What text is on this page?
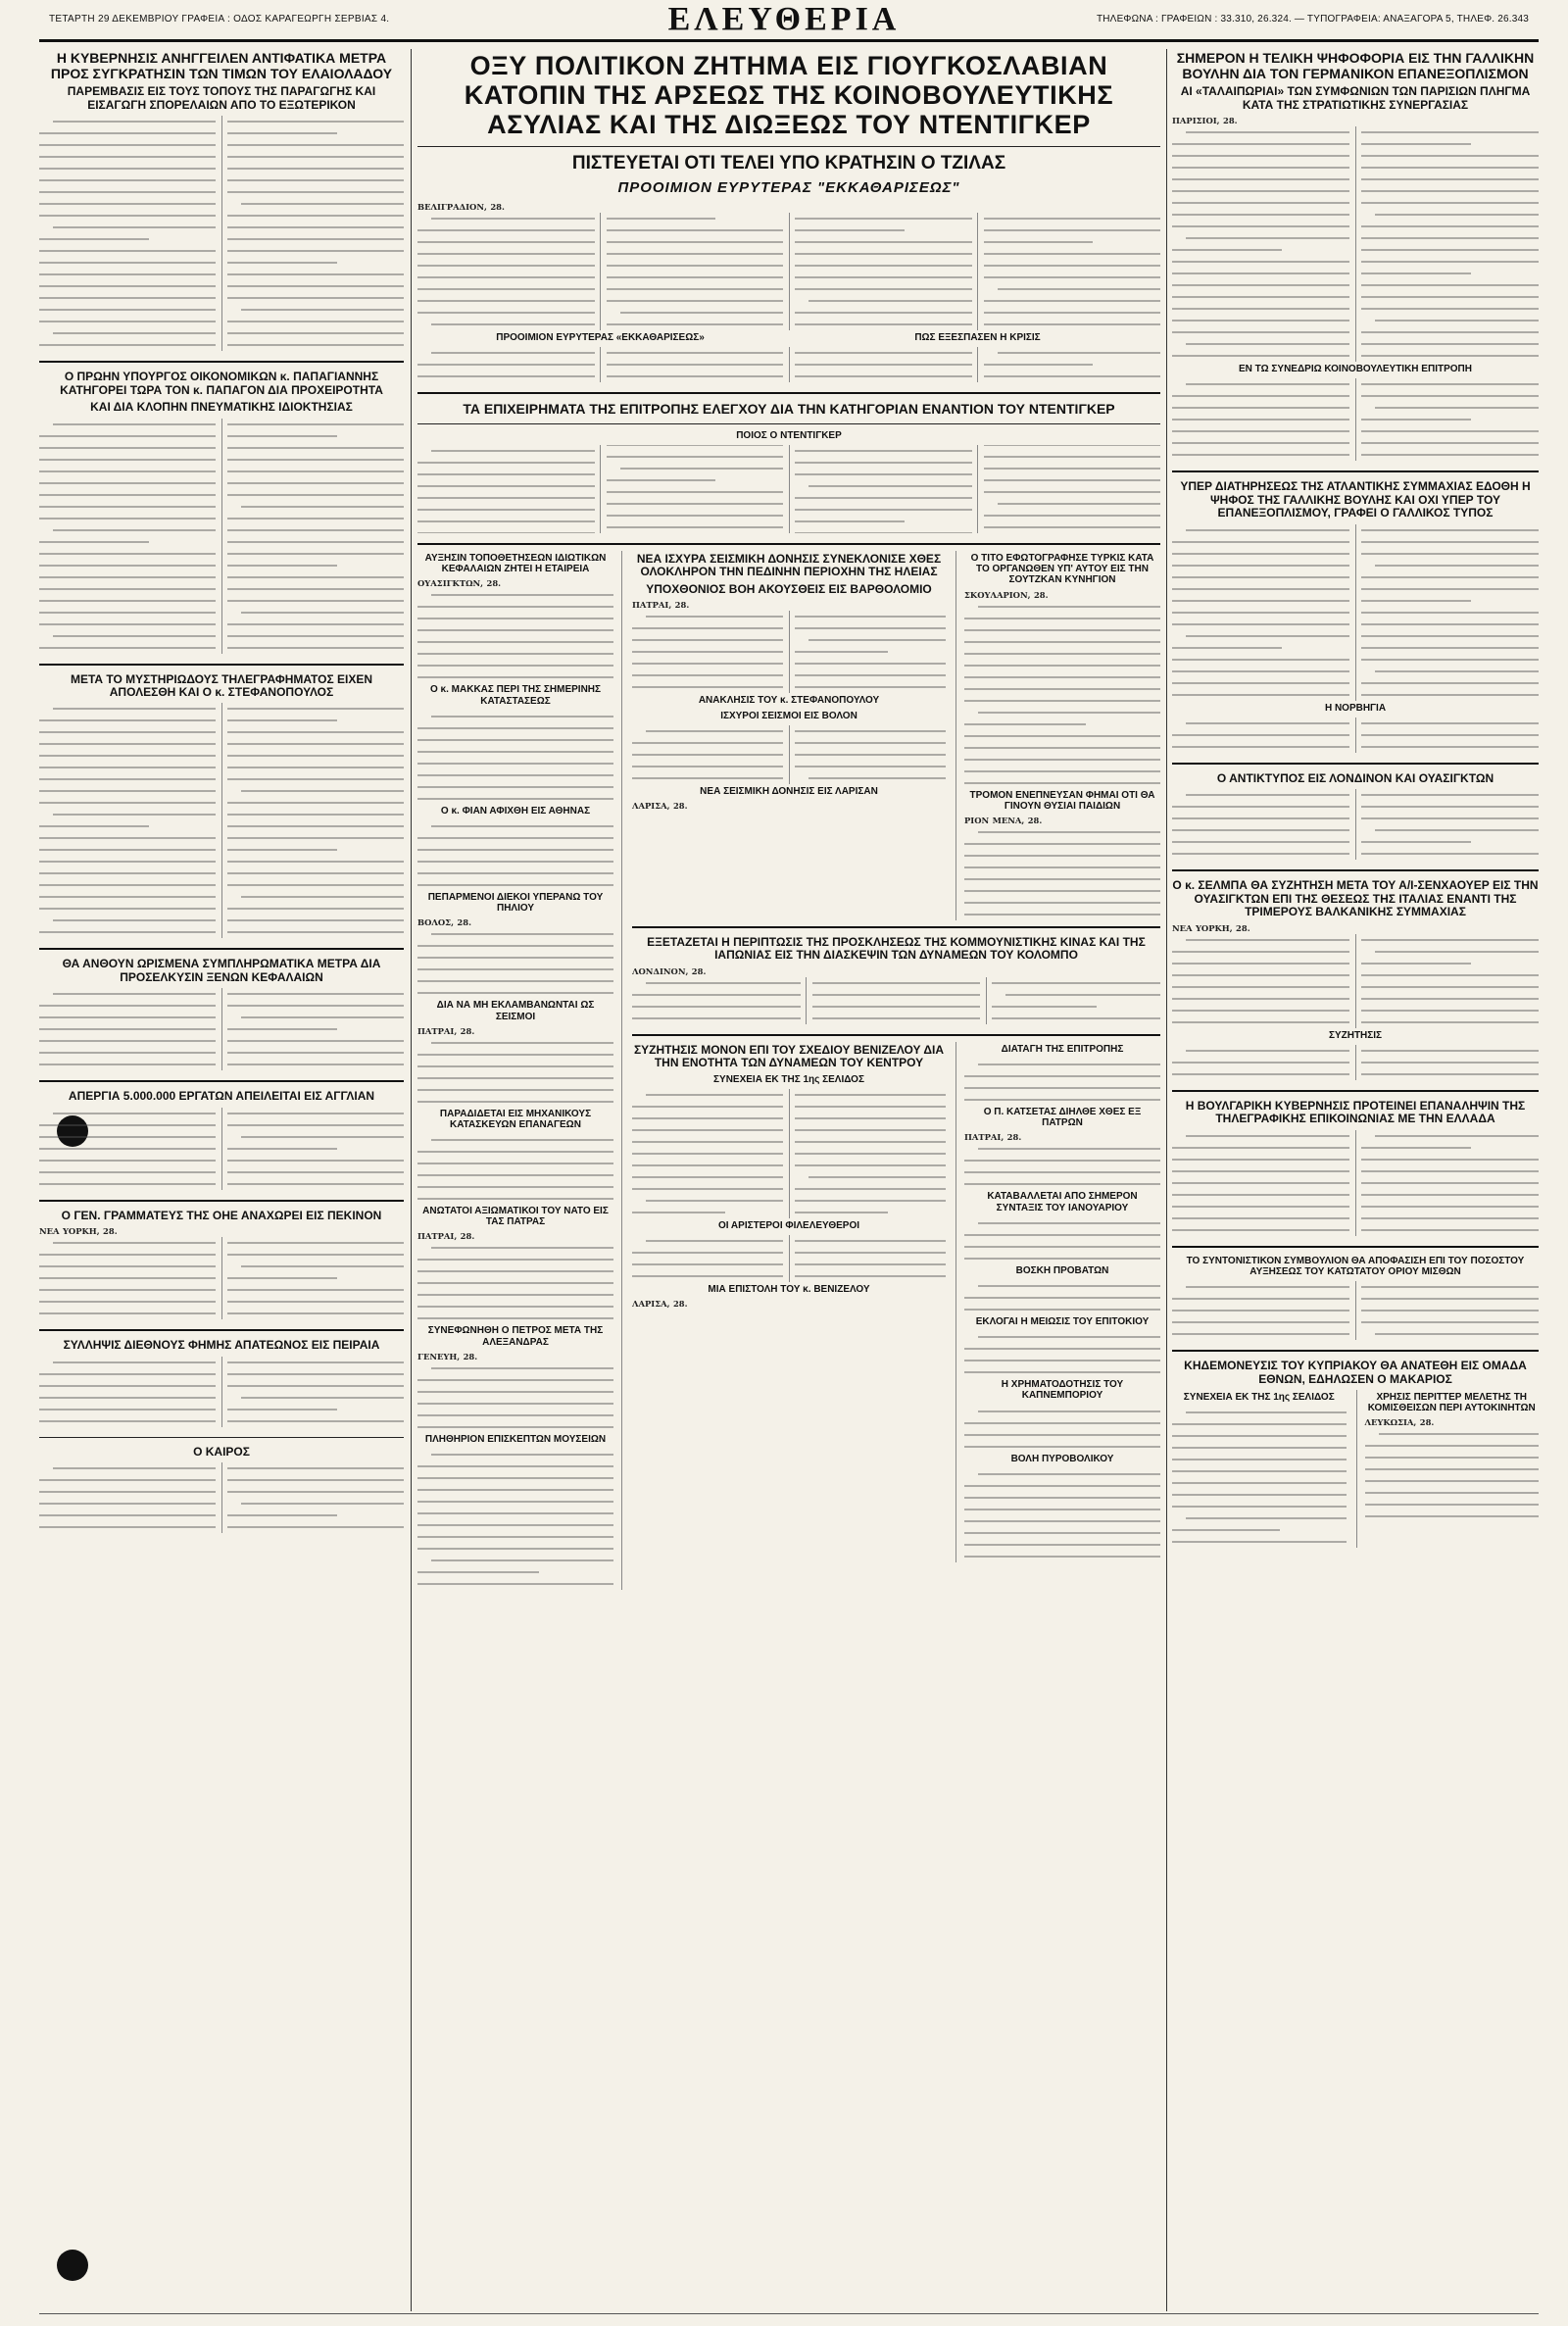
ΤΕΤΑΡΤΗ 29 ΔΕΚΕΜΒΡΙΟΥ ΓΡΑΦΕΙΑ : ΟΔΟΣ ΚΑΡΑΓΕΩΡΓΗ ΣΕΡΒΙΑΣ 4.	ΤΗΛΕΦΩΝΑ : ΓΡΑΦΕΙΩΝ : 33.310, 26.324. — ΤΥΠΟΓΡΑΦΕΙΑ: ΑΝΑΞΑΓΟΡΑ 5, ΤΗΛΕΦ. 26.343
ΕΛΕΥΘΕΡΙΑ
Η ΚΥΒΕΡΝΗΣΙΣ ΑΝΗΓΓΕΙΛΕΝ ΑΝΤΙΦΑΤΙΚΑ ΜΕΤΡΑ ΠΡΟΣ ΣΥΓΚΡΑΤΗΣΙΝ ΤΩΝ ΤΙΜΩΝ ΤΟΥ ΕΛΑΙΟΛΑΔΟΥ
ΠΑΡΕΜΒΑΣΙΣ ΕΙΣ ΤΟΥΣ ΤΟΠΟΥΣ ΤΗΣ ΠΑΡΑΓΩΓΗΣ ΚΑΙ ΕΙΣΑΓΩΓΗ ΣΠΟΡΕΛΑΙΩΝ ΑΠΟ ΤΟ ΕΞΩΤΕΡΙΚΟΝ
Ο ΠΡΩΗΝ ΥΠΟΥΡΓΟΣ ΟΙΚΟΝΟΜΙΚΩΝ κ. ΠΑΠΑΓΙΑΝΝΗΣ ΚΑΤΗΓΟΡΕΙ ΤΩΡΑ ΤΟΝ κ. ΠΑΠΑΓΟΝ ΔΙΑ ΠΡΟΧΕΙΡΟΤΗΤΑ
ΚΑΙ ΔΙΑ ΚΛΟΠΗΝ ΠΝΕΥΜΑΤΙΚΗΣ ΙΔΙΟΚΤΗΣΙΑΣ
ΜΕΤΑ ΤΟ ΜΥΣΤΗΡΙΩΔΟΥΣ ΤΗΛΕΓΡΑΦΗΜΑΤΟΣ ΕΙΧΕΝ ΑΠΟΛΕΣΘΗ ΚΑΙ Ο κ. ΣΤΕΦΑΝΟΠΟΥΛΟΣ
ΘΑ ΑΝΘΟΥΝ ΩΡΙΣΜΕΝΑ ΣΥΜΠΛΗΡΩΜΑΤΙΚΑ ΜΕΤΡΑ ΔΙΑ ΠΡΟΣΕΛΚΥΣΙΝ ΞΕΝΩΝ ΚΕΦΑΛΑΙΩΝ
ΑΠΕΡΓΙΑ 5.000.000 ΕΡΓΑΤΩΝ ΑΠΕΙΛΕΙΤΑΙ ΕΙΣ ΑΓΓΛΙΑΝ
Ο ΓΕΝ. ΓΡΑΜΜΑΤΕΥΣ ΤΗΣ ΟΗΕ ΑΝΑΧΩΡΕΙ ΕΙΣ ΠΕΚΙΝΟΝ
ΝΕΑ ΥΟΡΚΗ, 28.
ΣΥΛΛΗΨΙΣ ΔΙΕΘΝΟΥΣ ΦΗΜΗΣ ΑΠΑΤΕΩΝΟΣ ΕΙΣ ΠΕΙΡΑΙΑ
Ο ΚΑΙΡΟΣ
ΟΞΥ ΠΟΛΙΤΙΚΟΝ ΖΗΤΗΜΑ ΕΙΣ ΓΙΟΥΓΚΟΣΛΑΒΙΑΝ ΚΑΤΟΠΙΝ ΤΗΣ ΑΡΣΕΩΣ ΤΗΣ ΚΟΙΝΟΒΟΥΛΕΥΤΙΚΗΣ ΑΣΥΛΙΑΣ ΚΑΙ ΤΗΣ ΔΙΩΞΕΩΣ ΤΟΥ ΝΤΕΝΤΙΓΚΕΡ
ΠΙΣΤΕΥΕΤΑΙ ΟΤΙ ΤΕΛΕΙ ΥΠΟ ΚΡΑΤΗΣΙΝ Ο ΤΖΙΛΑΣ
ΠΡΟΟΙΜΙΟΝ ΕΥΡΥΤΕΡΑΣ "ΕΚΚΑΘΑΡΙΣΕΩΣ"
ΒΕΛΙΓΡΑΔΙΟΝ, 28.
ΠΡΟΟΙΜΙΟΝ ΕΥΡΥΤΕΡΑΣ «ΕΚΚΑΘΑΡΙΣΕΩΣ»	ΠΩΣ ΕΞΕΣΠΑΣΕΝ Η ΚΡΙΣΙΣ
ΤΑ ΕΠΙΧΕΙΡΗΜΑΤΑ ΤΗΣ ΕΠΙΤΡΟΠΗΣ ΕΛΕΓΧΟΥ ΔΙΑ ΤΗΝ ΚΑΤΗΓΟΡΙΑΝ ΕΝΑΝΤΙΟΝ ΤΟΥ ΝΤΕΝΤΙΓΚΕΡ
ΠΟΙΟΣ Ο ΝΤΕΝΤΙΓΚΕΡ
ΑΥΞΗΣΙΝ ΤΟΠΟΘΕΤΗΣΕΩΝ ΙΔΙΩΤΙΚΩΝ ΚΕΦΑΛΑΙΩΝ ΖΗΤΕΙ Η ΕΤΑΙΡΕΙΑ
ΟΥΑΣΙΓΚΤΩΝ, 28.
Ο κ. ΜΑΚΚΑΣ ΠΕΡΙ ΤΗΣ ΣΗΜΕΡΙΝΗΣ ΚΑΤΑΣΤΑΣΕΩΣ
Ο κ. ΦΙΑΝ ΑΦΙΧΘΗ ΕΙΣ ΑΘΗΝΑΣ
ΠΕΠΑΡΜΕΝΟΙ ΔΙΕΚΟΙ ΥΠΕΡΑΝΩ ΤΟΥ ΠΗΛΙΟΥ
ΒΟΛΟΣ, 28.
ΔΙΑ ΝΑ ΜΗ ΕΚΛΑΜΒΑΝΩΝΤΑΙ ΩΣ ΣΕΙΣΜΟΙ
ΠΑΤΡΑΙ, 28.
ΠΑΡΑΔΙΔΕΤΑΙ ΕΙΣ ΜΗΧΑΝΙΚΟΥΣ ΚΑΤΑΣΚΕΥΩΝ ΕΠΑΝΑΓΕΩΝ
ΑΝΩΤΑΤΟΙ ΑΞΙΩΜΑΤΙΚΟΙ ΤΟΥ ΝΑΤΟ ΕΙΣ ΤΑΣ ΠΑΤΡΑΣ
ΠΑΤΡΑΙ, 28.
ΣΥΝΕΦΩΝΗΘΗ Ο ΠΕΤΡΟΣ ΜΕΤΑ ΤΗΣ ΑΛΕΞΑΝΔΡΑΣ
ΓΕΝΕΥΗ, 28.
ΠΛΗΘΗΡΙΟΝ ΕΠΙΣΚΕΠΤΩΝ ΜΟΥΣΕΙΩΝ
ΝΕΑ ΙΣΧΥΡΑ ΣΕΙΣΜΙΚΗ ΔΟΝΗΣΙΣ ΣΥΝΕΚΛΟΝΙΣΕ ΧΘΕΣ ΟΛΟΚΛΗΡΟΝ ΤΗΝ ΠΕΔΙΝΗΝ ΠΕΡΙΟΧΗΝ ΤΗΣ ΗΛΕΙΑΣ
ΥΠΟΧΘΟΝΙΟΣ ΒΟΗ ΑΚΟΥΣΘΕΙΣ ΕΙΣ ΒΑΡΘΟΛΟΜΙΟ
ΠΑΤΡΑΙ, 28.
ΑΝΑΚΛΗΣΙΣ ΤΟΥ κ. ΣΤΕΦΑΝΟΠΟΥΛΟΥ
ΙΣΧΥΡΟΙ ΣΕΙΣΜΟΙ ΕΙΣ ΒΟΛΟΝ
ΝΕΑ ΣΕΙΣΜΙΚΗ ΔΟΝΗΣΙΣ ΕΙΣ ΛΑΡΙΣΑΝ
ΛΑΡΙΣΑ, 28.
Ο ΤΙΤΟ ΕΦΩΤΟΓΡΑΦΗΣΕ ΤΥΡΚΙΣ ΚΑΤΑ ΤΟ ΟΡΓΑΝΩΘΕΝ ΥΠ' ΑΥΤΟΥ ΕΙΣ ΤΗΝ ΣΟΥΤΖΚΑΝ ΚΥΝΗΓΙΟΝ
ΣΚΟΥΛΑΡΙΟΝ, 28.
ΤΡΟΜΟΝ ΕΝΕΠΝΕΥΣΑΝ ΦΗΜΑΙ ΟΤΙ ΘΑ ΓΙΝΟΥΝ ΘΥΣΙΑΙ ΠΑΙΔΙΩΝ
ΡΙΟΝ ΜΕΝΑ, 28.
ΕΞΕΤΑΖΕΤΑΙ Η ΠΕΡΙΠΤΩΣΙΣ ΤΗΣ ΠΡΟΣΚΛΗΣΕΩΣ ΤΗΣ ΚΟΜΜΟΥΝΙΣΤΙΚΗΣ ΚΙΝΑΣ ΚΑΙ ΤΗΣ ΙΑΠΩΝΙΑΣ ΕΙΣ ΤΗΝ ΔΙΑΣΚΕΨΙΝ ΤΩΝ ΔΥΝΑΜΕΩΝ ΤΟΥ ΚΟΛΟΜΠΟ
ΛΟΝΔΙΝΟΝ, 28.
ΣΥΖΗΤΗΣΙΣ ΜΟΝΟΝ ΕΠΙ ΤΟΥ ΣΧΕΔΙΟΥ ΒΕΝΙΖΕΛΟΥ ΔΙΑ ΤΗΝ ΕΝΟΤΗΤΑ ΤΩΝ ΔΥΝΑΜΕΩΝ ΤΟΥ ΚΕΝΤΡΟΥ
ΣΥΝΕΧΕΙΑ ΕΚ ΤΗΣ 1ης ΣΕΛΙΔΟΣ
ΟΙ ΑΡΙΣΤΕΡΟΙ ΦΙΛΕΛΕΥΘΕΡΟΙ
ΜΙΑ ΕΠΙΣΤΟΛΗ ΤΟΥ κ. ΒΕΝΙΖΕΛΟΥ
ΛΑΡΙΣΑ, 28.
ΔΙΑΤΑΓΗ ΤΗΣ ΕΠΙΤΡΟΠΗΣ
Ο Π. ΚΑΤΣΕΤΑΣ ΔΙΗΛΘΕ ΧΘΕΣ ΕΞ ΠΑΤΡΩΝ
ΠΑΤΡΑΙ, 28.
ΚΑΤΑΒΑΛΛΕΤΑΙ ΑΠΟ ΣΗΜΕΡΟΝ ΣΥΝΤΑΞΙΣ ΤΟΥ ΙΑΝΟΥΑΡΙΟΥ
ΒΟΣΚΗ ΠΡΟΒΑΤΩΝ
ΕΚΛΟΓΑΙ Η ΜΕΙΩΣΙΣ ΤΟΥ ΕΠΙΤΟΚΙΟΥ
Η ΧΡΗΜΑΤΟΔΟΤΗΣΙΣ ΤΟΥ ΚΑΠΝΕΜΠΟΡΙΟΥ
ΒΟΛΗ ΠΥΡΟΒΟΛΙΚΟΥ
ΣΗΜΕΡΟΝ Η ΤΕΛΙΚΗ ΨΗΦΟΦΟΡΙΑ ΕΙΣ ΤΗΝ ΓΑΛΛΙΚΗΝ ΒΟΥΛΗΝ ΔΙΑ ΤΟΝ ΓΕΡΜΑΝΙΚΟΝ ΕΠΑΝΕΞΟΠΛΙΣΜΟΝ
ΑΙ «ΤΑΛΑΙΠΩΡΙΑΙ» ΤΩΝ ΣΥΜΦΩΝΙΩΝ ΤΩΝ ΠΑΡΙΣΙΩΝ ΠΛΗΓΜΑ ΚΑΤΑ ΤΗΣ ΣΤΡΑΤΙΩΤΙΚΗΣ ΣΥΝΕΡΓΑΣΙΑΣ
ΠΑΡΙΣΙΟΙ, 28.
ΕΝ ΤΩ ΣΥΝΕΔΡΙΩ ΚΟΙΝΟΒΟΥΛΕΥΤΙΚΗ ΕΠΙΤΡΟΠΗ
ΥΠΕΡ ΔΙΑΤΗΡΗΣΕΩΣ ΤΗΣ ΑΤΛΑΝΤΙΚΗΣ ΣΥΜΜΑΧΙΑΣ ΕΔΟΘΗ Η ΨΗΦΟΣ ΤΗΣ ΓΑΛΛΙΚΗΣ ΒΟΥΛΗΣ ΚΑΙ ΟΧΙ ΥΠΕΡ ΤΟΥ ΕΠΑΝΕΞΟΠΛΙΣΜΟΥ, ΓΡΑΦΕΙ Ο ΓΑΛΛΙΚΟΣ ΤΥΠΟΣ
Η ΝΟΡΒΗΓΙΑ
Ο ΑΝΤΙΚΤΥΠΟΣ ΕΙΣ ΛΟΝΔΙΝΟΝ ΚΑΙ ΟΥΑΣΙΓΚΤΩΝ
Ο κ. ΣΕΛΜΠΑ ΘΑ ΣΥΖΗΤΗΣΗ ΜΕΤΑ ΤΟΥ Α/Ι-ΣΕΝΧΑΟΥΕΡ ΕΙΣ ΤΗΝ ΟΥΑΣΙΓΚΤΩΝ ΕΠΙ ΤΗΣ ΘΕΣΕΩΣ ΤΗΣ ΙΤΑΛΙΑΣ ΕΝΑΝΤΙ ΤΗΣ ΤΡΙΜΕΡΟΥΣ ΒΑΛΚΑΝΙΚΗΣ ΣΥΜΜΑΧΙΑΣ
ΝΕΑ ΥΟΡΚΗ, 28.
ΣΥΖΗΤΗΣΙΣ
Η ΒΟΥΛΓΑΡΙΚΗ ΚΥΒΕΡΝΗΣΙΣ ΠΡΟΤΕΙΝΕΙ ΕΠΑΝΑΛΗΨΙΝ ΤΗΣ ΤΗΛΕΓΡΑΦΙΚΗΣ ΕΠΙΚΟΙΝΩΝΙΑΣ ΜΕ ΤΗΝ ΕΛΛΑΔΑ
ΤΟ ΣΥΝΤΟΝΙΣΤΙΚΟΝ ΣΥΜΒΟΥΛΙΟΝ ΘΑ ΑΠΟΦΑΣΙΣΗ ΕΠΙ ΤΟΥ ΠΟΣΟΣΤΟΥ ΑΥΞΗΣΕΩΣ ΤΟΥ ΚΑΤΩΤΑΤΟΥ ΟΡΙΟΥ ΜΙΣΘΩΝ
ΚΗΔΕΜΟΝΕΥΣΙΣ ΤΟΥ ΚΥΠΡΙΑΚΟΥ ΘΑ ΑΝΑΤΕΘΗ ΕΙΣ ΟΜΑΔΑ ΕΘΝΩΝ, ΕΔΗΛΩΣΕΝ Ο ΜΑΚΑΡΙΟΣ
ΣΥΝΕΧΕΙΑ ΕΚ ΤΗΣ 1ης ΣΕΛΙΔΟΣ	ΧΡΗΣΙΣ ΠΕΡΙΤΤΕΡ ΜΕΛΕΤΗΣ ΤΗ ΚΟΜΙΣΘΕΙΣΩΝ ΠΕΡΙ ΑΥΤΟΚΙΝΗΤΩΝ
ΛΕΥΚΩΣΙΑ, 28.
